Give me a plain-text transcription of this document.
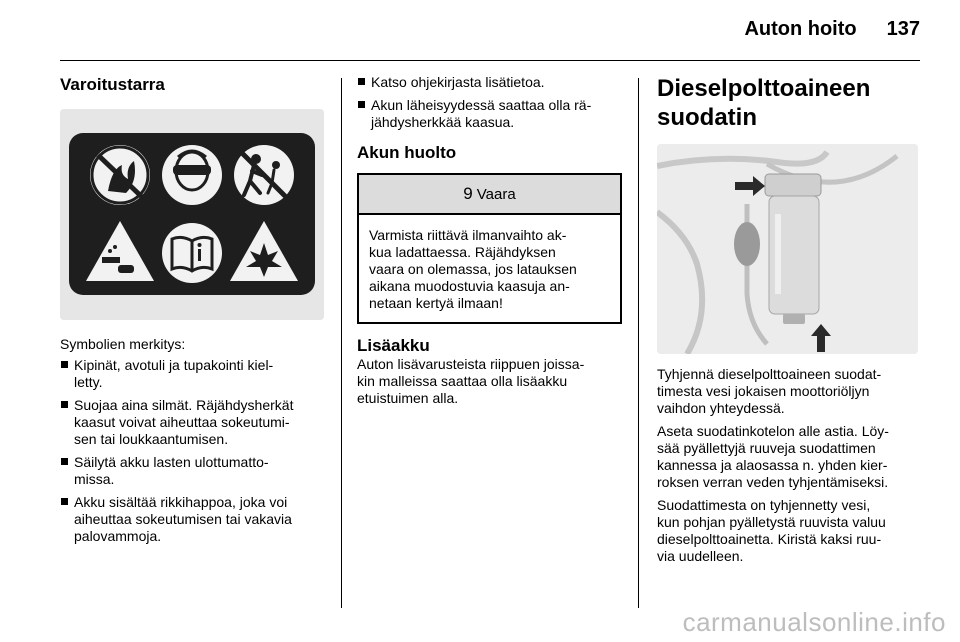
Auton hoito 137
Varoitustarra

Symbolien merkitys:

Kipinät, avotuli ja tupakointi kiel-
letty.
Suojaa aina silmät. Räjähdysherkät
kaasut voivat aiheuttaa sokeutumi-
sen tai loukkaantumisen.
Säilytä akku lasten ulottumatto-
missa.
Akku sisältää rikkihappoa, joka voi
aiheuttaa sokeutumisen tai vakavia
palovammoja.
Katso ohjekirjasta lisätietoa.
Akun läheisyydessä saattaa olla rä-
jähdysherkkää kaasua.
Akun huolto
9 Vaara
Varmista riittävä ilmanvaihto ak-
kua ladattaessa. Räjähdyksen
vaara on olemassa, jos latauksen
aikana muodostuvia kaasuja an-
netaan kertyä ilmaan!
Lisäakku

Auton lisävarusteista riippuen joissa-
kin malleissa saattaa olla lisäakku
etuistuimen alla.

Dieselpolttoaineen
suodatin

Tyhjennä dieselpolttoaineen suodat-
timesta vesi jokaisen moottoriöljyn
vaihdon yhteydessä.

Aseta suodatinkotelon alle astia. Löy-
sää pyällettyjä ruuveja suodattimen
kannessa ja alaosassa n. yhden kier-
roksen verran veden tyhjentämiseksi.

Suodattimesta on tyhjennetty vesi,
kun pohjan pyälletystä ruuvista valuu
dieselpolttoainetta. Kiristä kaksi ruu-
via uudelleen.

carmanualsonline.info
